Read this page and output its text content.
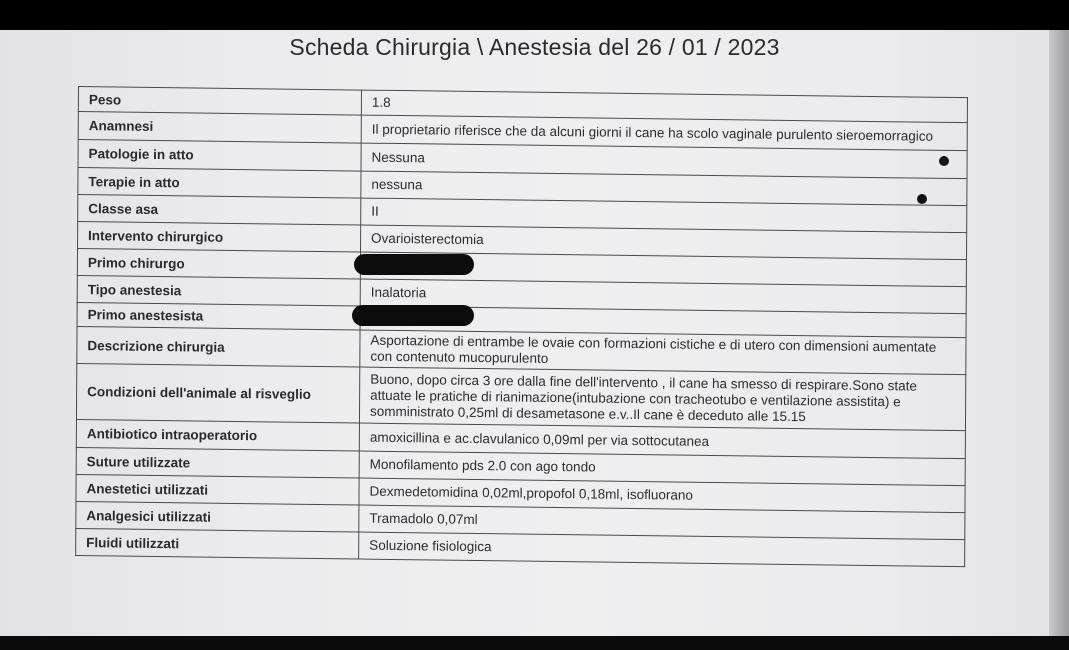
Scheda Chirurgia \ Anestesia del 26 / 01 / 2023
Peso	1.8
Anamnesi	Il proprietario riferisce che da alcuni giorni il cane ha scolo vaginale purulento sieroemorragico
Patologie in atto	Nessuna
Terapie in atto	nessuna
Classe asa	II
Intervento chirurgico	Ovarioisterectomia
Primo chirurgo	
Tipo anestesia	Inalatoria
Primo anestesista	
Descrizione chirurgia	Asportazione di entrambe le ovaie con formazioni cistiche e di utero con dimensioni aumentate con contenuto mucopurulento
Condizioni dell'animale al risveglio	Buono, dopo circa 3 ore dalla fine dell'intervento , il cane ha smesso di respirare.Sono state attuate le pratiche di rianimazione(intubazione con tracheotubo e ventilazione assistita) e somministrato 0,25ml di desametasone e.v..Il cane è deceduto alle 15.15
Antibiotico intraoperatorio	amoxicillina e ac.clavulanico 0,09ml per via sottocutanea
Suture utilizzate	Monofilamento pds 2.0 con ago tondo
Anestetici utilizzati	Dexmedetomidina 0,02ml,propofol 0,18ml, isofluorano
Analgesici utilizzati	Tramadolo 0,07ml
Fluidi utilizzati	Soluzione fisiologica
